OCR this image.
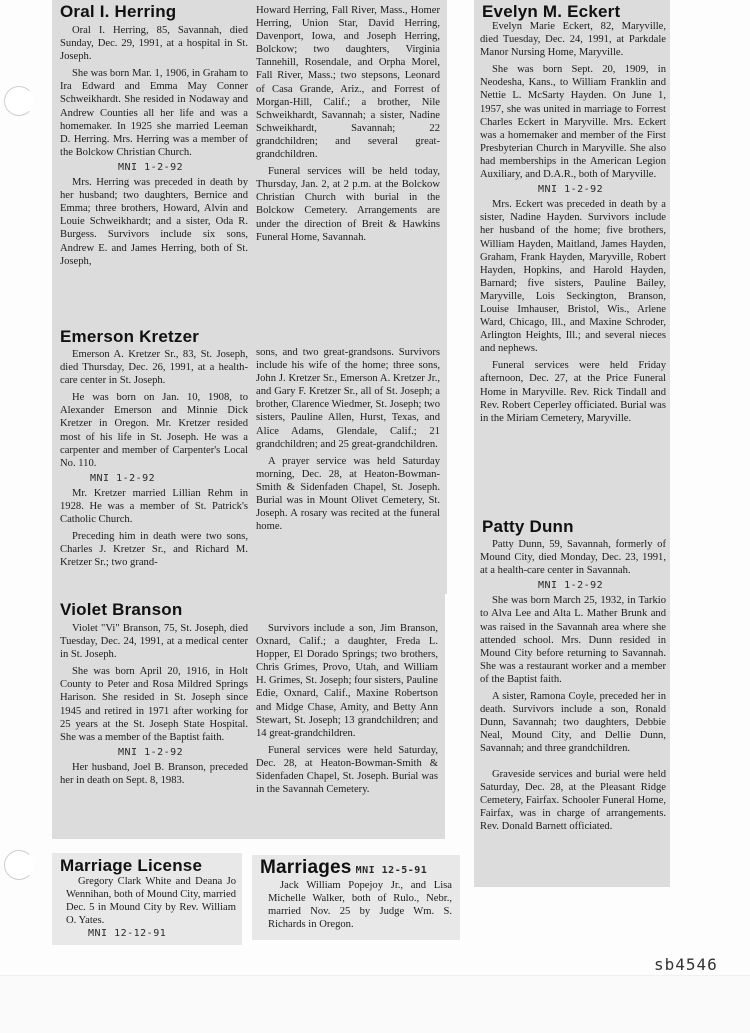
Oral I. Herring

Oral I. Herring, 85, Savannah, died Sunday, Dec. 29, 1991, at a hospital in St. Joseph.

She was born Mar. 1, 1906, in Graham to Ira Edward and Emma May Conner Schweikhardt. She resided in Nodaway and Andrew Counties all her life and was a homemaker. In 1925 she married Leeman D. Herring. Mrs. Herring was a member of the Bolckow Christian Church.

MNI 1-2-92

Mrs. Herring was preceded in death by her husband; two daughters, Bernice and Emma; three brothers, Howard, Alvin and Louie Schweikhardt; and a sister, Oda R. Burgess. Survivors include six sons, Andrew E. and James Herring, both of St. Joseph,

Howard Herring, Fall River, Mass., Homer Herring, Union Star, David Herring, Davenport, Iowa, and Joseph Herring, Bolckow; two daughters, Virginia Tannehill, Rosendale, and Orpha Morel, Fall River, Mass.; two stepsons, Leonard of Casa Grande, Ariz., and Forrest of Morgan-Hill, Calif.; a brother, Nile Schweikhardt, Savannah; a sister, Nadine Schweikhardt, Savannah; 22 grandchildren; and several great-grandchildren.

Funeral services will be held today, Thursday, Jan. 2, at 2 p.m. at the Bolckow Christian Church with burial in the Bolckow Cemetery. Arrangements are under the direction of Breit & Hawkins Funeral Home, Savannah.

Emerson Kretzer

Emerson A. Kretzer Sr., 83, St. Joseph, died Thursday, Dec. 26, 1991, at a health-care center in St. Joseph.

He was born on Jan. 10, 1908, to Alexander Emerson and Minnie Dick Kretzer in Oregon. Mr. Kretzer resided most of his life in St. Joseph. He was a carpenter and member of Carpenter's Local No. 110.

MNI 1-2-92

Mr. Kretzer married Lillian Rehm in 1928. He was a member of St. Patrick's Catholic Church.

Preceding him in death were two sons, Charles J. Kretzer Sr., and Richard M. Kretzer Sr.; two grand-

sons, and two great-grandsons. Survivors include his wife of the home; three sons, John J. Kretzer Sr., Emerson A. Kretzer Jr., and Gary F. Kretzer Sr., all of St. Joseph; a brother, Clarence Wiedmer, St. Joseph; two sisters, Pauline Allen, Hurst, Texas, and Alice Adams, Glendale, Calif.; 21 grandchildren; and 25 great-grandchildren.

A prayer service was held Saturday morning, Dec. 28, at Heaton-Bowman-Smith & Sidenfaden Chapel, St. Joseph. Burial was in Mount Olivet Cemetery, St. Joseph. A rosary was recited at the funeral home.

Violet Branson

Violet "Vi" Branson, 75, St. Joseph, died Tuesday, Dec. 24, 1991, at a medical center in St. Joseph.

She was born April 20, 1916, in Holt County to Peter and Rosa Mildred Springs Harison. She resided in St. Joseph since 1945 and retired in 1971 after working for 25 years at the St. Joseph State Hospital. She was a member of the Baptist faith.

MNI 1-2-92

Her husband, Joel B. Branson, preceded her in death on Sept. 8, 1983.

Survivors include a son, Jim Branson, Oxnard, Calif.; a daughter, Freda L. Hopper, El Dorado Springs; two brothers, Chris Grimes, Provo, Utah, and William H. Grimes, St. Joseph; four sisters, Pauline Edie, Oxnard, Calif., Maxine Robertson and Midge Chase, Amity, and Betty Ann Stewart, St. Joseph; 13 grandchildren; and 14 great-grandchildren.

Funeral services were held Saturday, Dec. 28, at Heaton-Bowman-Smith & Sidenfaden Chapel, St. Joseph. Burial was in the Savannah Cemetery.

Evelyn M. Eckert

Evelyn Marie Eckert, 82, Maryville, died Tuesday, Dec. 24, 1991, at Parkdale Manor Nursing Home, Maryville.

She was born Sept. 20, 1909, in Neodesha, Kans., to William Franklin and Nettie L. McSarty Hayden. On June 1, 1957, she was united in marriage to Forrest Charles Eckert in Maryville. Mrs. Eckert was a homemaker and member of the First Presbyterian Church in Maryville. She also had memberships in the American Legion Auxiliary, and D.A.R., both of Maryville.

MNI 1-2-92

Mrs. Eckert was preceded in death by a sister, Nadine Hayden. Survivors include her husband of the home; five brothers, William Hayden, Maitland, James Hayden, Graham, Frank Hayden, Maryville, Robert Hayden, Hopkins, and Harold Hayden, Barnard; five sisters, Pauline Bailey, Maryville, Lois Seckington, Branson, Louise Imhauser, Bristol, Wis., Arlene Ward, Chicago, Ill., and Maxine Schroder, Arlington Heights, Ill.; and several nieces and nephews.

Funeral services were held Friday afternoon, Dec. 27, at the Price Funeral Home in Maryville. Rev. Rick Tindall and Rev. Robert Ceperley officiated. Burial was in the Miriam Cemetery, Maryville.

Patty Dunn

Patty Dunn, 59, Savannah, formerly of Mound City, died Monday, Dec. 23, 1991, at a health-care center in Savannah.

MNI 1-2-92

She was born March 25, 1932, in Tarkio to Alva Lee and Alta L. Mather Brunk and was raised in the Savannah area where she attended school. Mrs. Dunn resided in Mound City before returning to Savannah. She was a restaurant worker and a member of the Baptist faith.

A sister, Ramona Coyle, preceded her in death. Survivors include a son, Ronald Dunn, Savannah; two daughters, Debbie Neal, Mound City, and Dellie Dunn, Savannah; and three grandchildren.

Graveside services and burial were held Saturday, Dec. 28, at the Pleasant Ridge Cemetery, Fairfax. Schooler Funeral Home, Fairfax, was in charge of arrangements. Rev. Donald Barnett officiated.

Marriage License

Gregory Clark White and Deana Jo Wennihan, both of Mound City, married Dec. 5 in Mound City by Rev. William O. Yates.

MNI 12-12-91
Marriages MNI 12-5-91

Jack William Popejoy Jr., and Lisa Michelle Walker, both of Rulo., Nebr., married Nov. 25 by Judge Wm. S. Richards in Oregon.

sb4546
